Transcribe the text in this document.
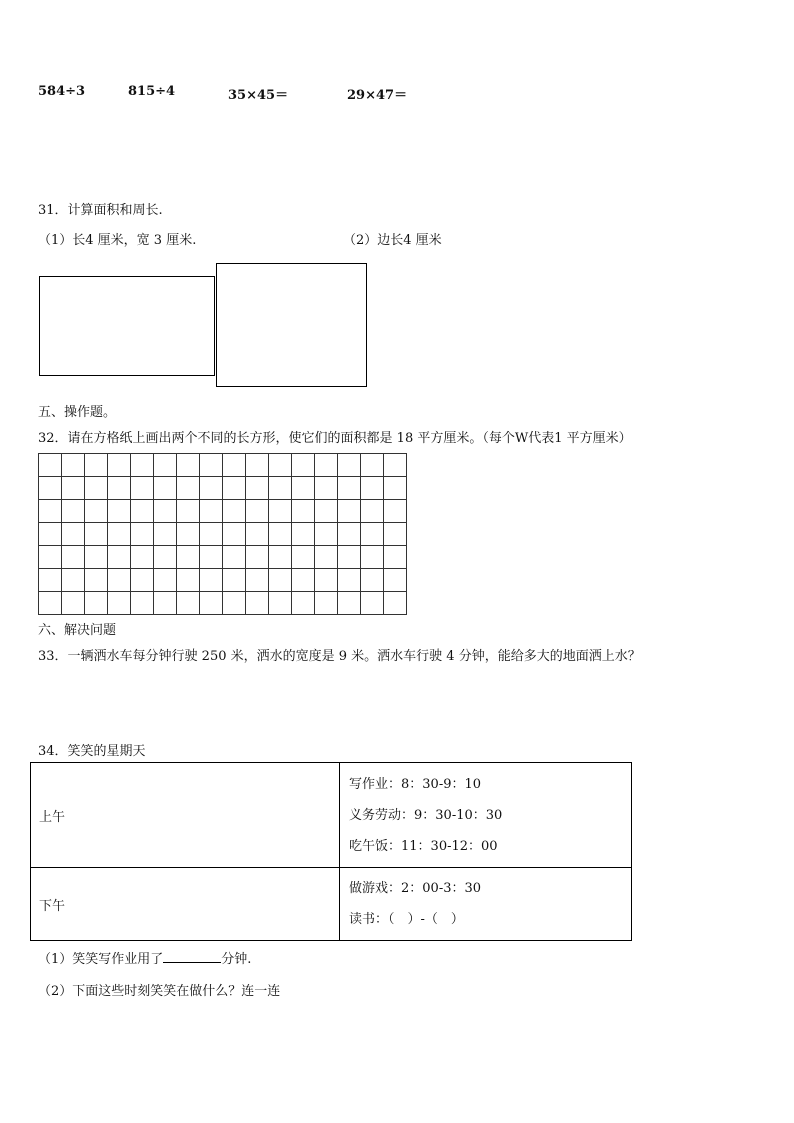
584÷3	815÷4	35×45＝	29×47＝
31．计算面积和周长.
（1）长4 厘米，宽 3 厘米.	（2）边长4 厘米
五、操作题。
32．请在方格纸上画出两个不同的长方形，使它们的面积都是 18 平方厘米。（每个W代表1 平方厘米）
六、解决问题
33．一辆洒水车每分钟行驶 250 米，洒水的宽度是 9 米。洒水车行驶 4 分钟，能给多大的地面洒上水？
34．笑笑的星期天
上午	写作业：8：30-9：10
义务劳动：9：30-10：30
吃午饭：11：30-12：00

下午	做游戏：2：00-3：30
读书：（　）-（　）
（1）笑笑写作业用了	分钟.
（2）下面这些时刻笑笑在做什么？连一连
